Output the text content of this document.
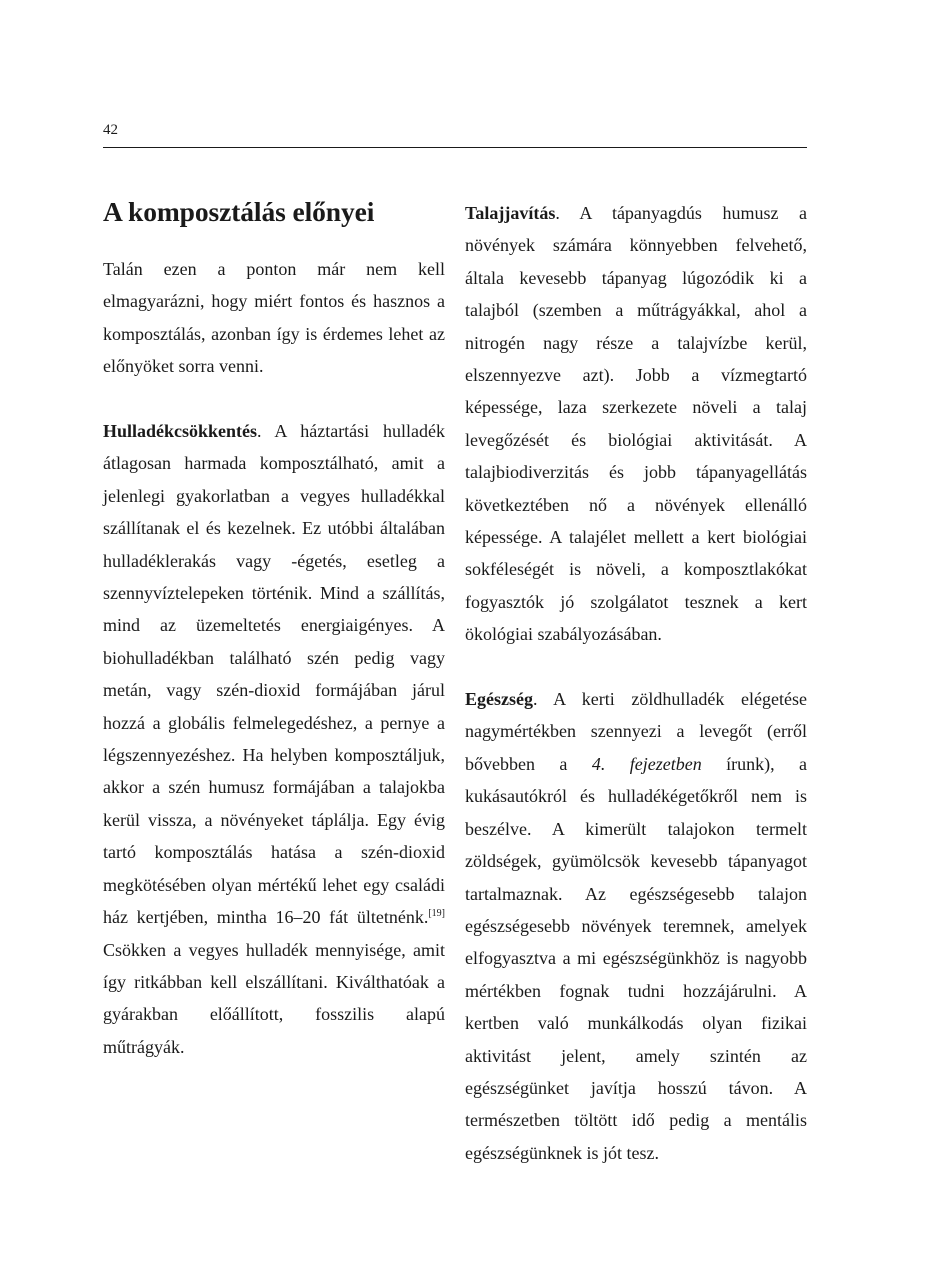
42
A komposztálás előnyei

Talán ezen a ponton már nem kell elmagyarázni, hogy miért fontos és hasznos a komposztálás, azonban így is érdemes lehet az előnyöket sorra venni.

Hulladékcsökkentés. A háztartási hulladék átlagosan harmada komposztálható, amit a jelenlegi gyakorlatban a vegyes hulladékkal szállítanak el és kezelnek. Ez utóbbi általában hulladéklerakás vagy -égetés, esetleg a szennyvíztelepeken történik. Mind a szállítás, mind az üzemeltetés energiaigényes. A biohulladékban található szén pedig vagy metán, vagy szén-dioxid formájában járul hozzá a globális felmelegedéshez, a pernye a légszennyezéshez. Ha helyben komposztáljuk, akkor a szén humusz formájában a talajokba kerül vissza, a növényeket táplálja. Egy évig tartó komposztálás hatása a szén-dioxid megkötésében olyan mértékű lehet egy családi ház kertjében, mintha 16–20 fát ültetnénk.[19] Csökken a vegyes hulladék mennyisége, amit így ritkábban kell elszállítani. Kiválthatóak a gyárakban előállított, fosszilis alapú műtrágyák.

Talajjavítás. A tápanyagdús humusz a növények számára könnyebben felvehető, általa kevesebb tápanyag lúgozódik ki a talajból (szemben a műtrágyákkal, ahol a nitrogén nagy része a talajvízbe kerül, elszennyezve azt). Jobb a vízmegtartó képessége, laza szerkezete növeli a talaj levegőzését és biológiai aktivitását. A talajbiodiverzitás és jobb tápanyagellátás következtében nő a növények ellenálló képessége. A talajélet mellett a kert biológiai sokféleségét is növeli, a komposztlakókat fogyasztók jó szolgálatot tesznek a kert ökológiai szabályozásában.

Egészség. A kerti zöldhulladék elégetése nagymértékben szennyezi a levegőt (erről bővebben a 4. fejezetben írunk), a kukásautókról és hulladékégetőkről nem is beszélve. A kimerült talajokon termelt zöldségek, gyümölcsök kevesebb tápanyagot tartalmaznak. Az egészségesebb talajon egészségesebb növények teremnek, amelyek elfogyasztva a mi egészségünkhöz is nagyobb mértékben fognak tudni hozzájárulni. A kertben való munkálkodás olyan fizikai aktivitást jelent, amely szintén az egészségünket javítja hosszú távon. A természetben töltött idő pedig a mentális egészségünknek is jót tesz.
